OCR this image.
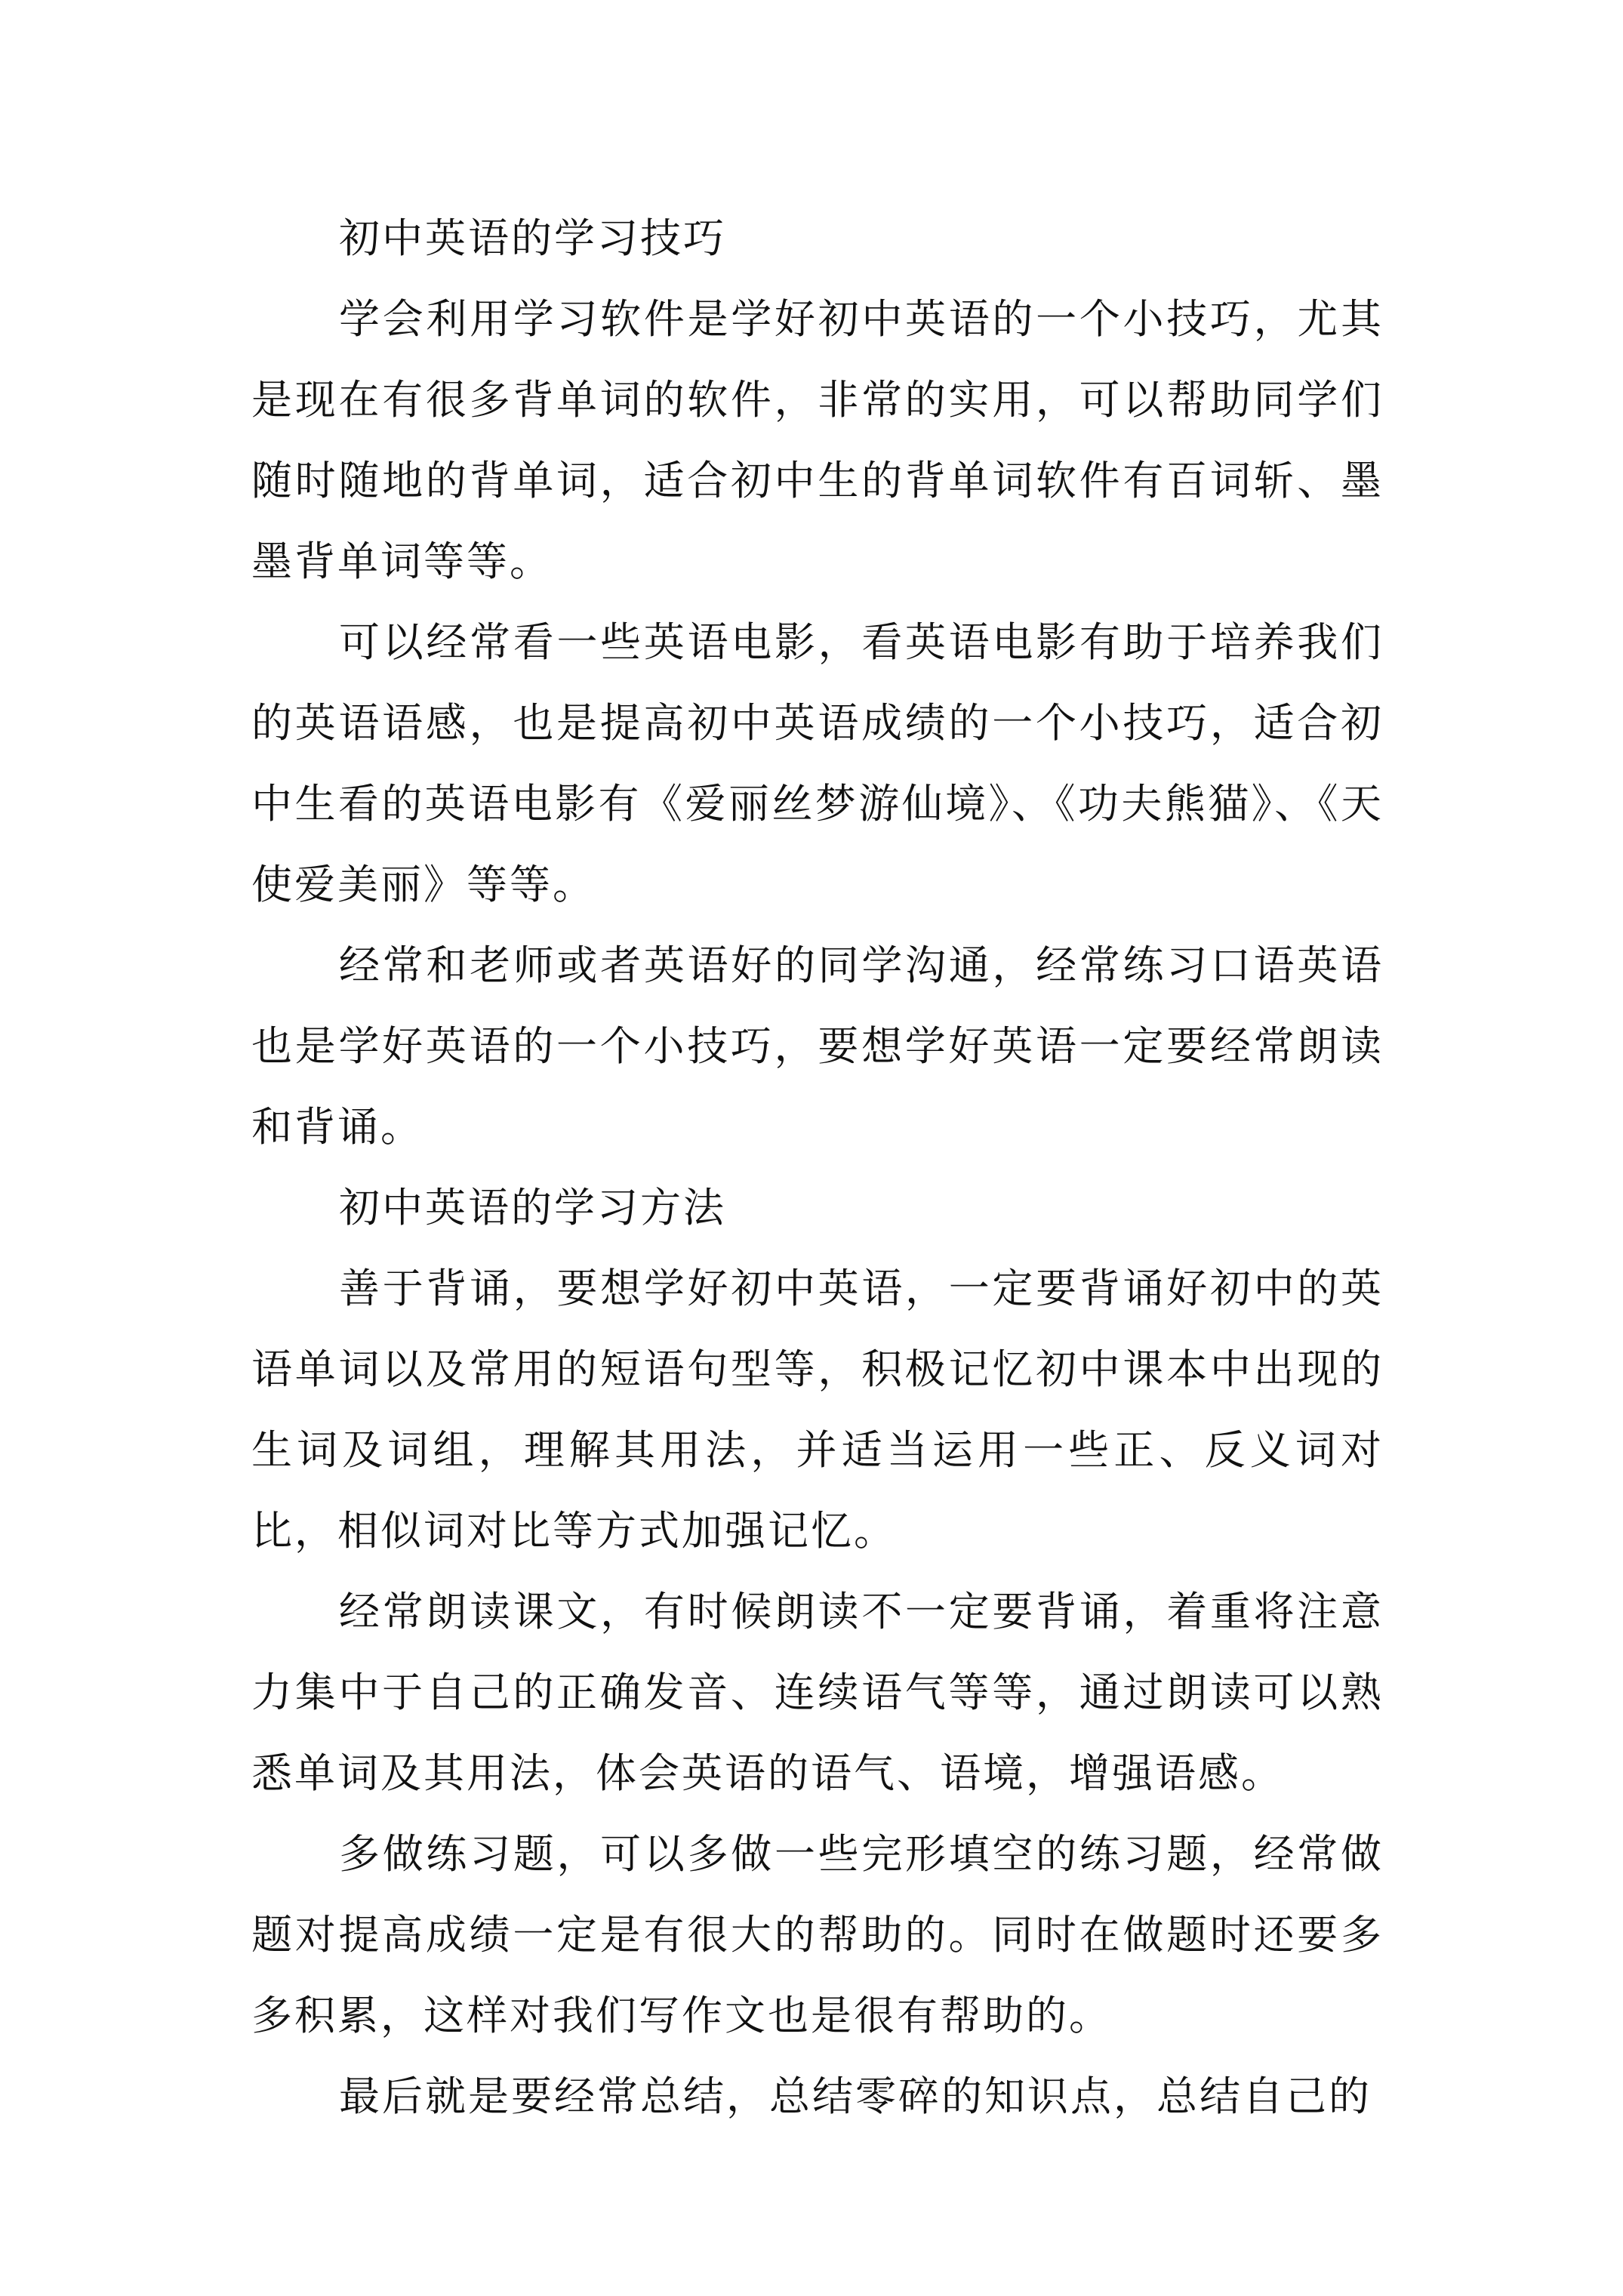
初中英语的学习技巧

学会利用学习软件是学好初中英语的一个小技巧，尤其是现在有很多背单词的软件，非常的实用，可以帮助同学们随时随地的背单词，适合初中生的背单词软件有百词斩、墨墨背单词等等。

可以经常看一些英语电影，看英语电影有助于培养我们的英语语感，也是提高初中英语成绩的一个小技巧，适合初中生看的英语电影有《爱丽丝梦游仙境》、《功夫熊猫》、《天使爱美丽》等等。

经常和老师或者英语好的同学沟通，经常练习口语英语也是学好英语的一个小技巧，要想学好英语一定要经常朗读和背诵。

初中英语的学习方法

善于背诵，要想学好初中英语，一定要背诵好初中的英语单词以及常用的短语句型等，积极记忆初中课本中出现的生词及词组，理解其用法，并适当运用一些正、反义词对比，相似词对比等方式加强记忆。

经常朗读课文，有时候朗读不一定要背诵，着重将注意力集中于自己的正确发音、连续语气等等，通过朗读可以熟悉单词及其用法，体会英语的语气、语境，增强语感。

多做练习题，可以多做一些完形填空的练习题，经常做题对提高成绩一定是有很大的帮助的。同时在做题时还要多多积累，这样对我们写作文也是很有帮助的。

最后就是要经常总结，总结零碎的知识点，总结自己的
